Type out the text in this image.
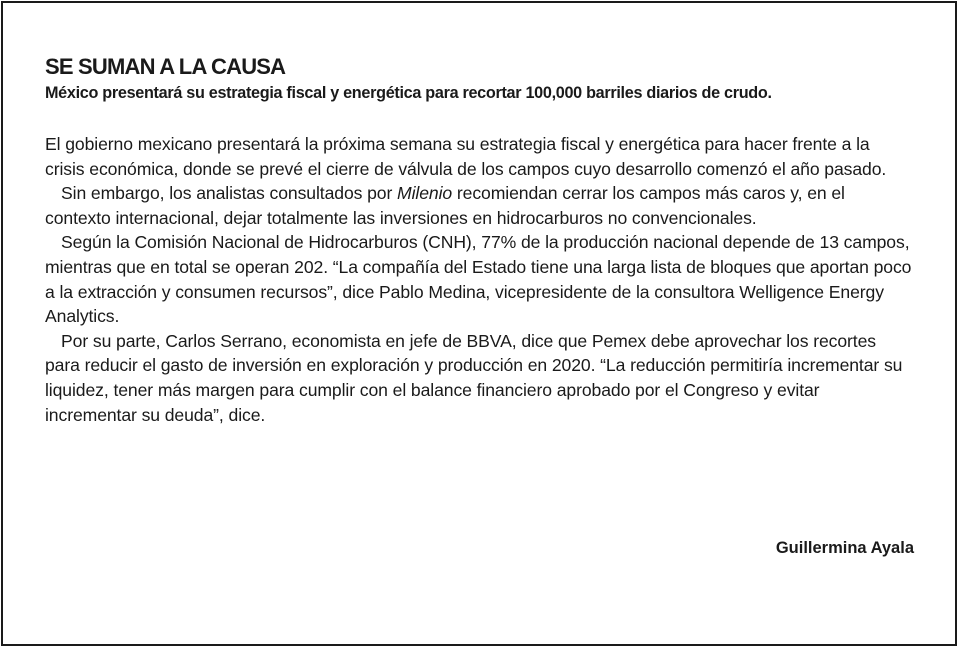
SE SUMAN A LA CAUSA
México presentará su estrategia fiscal y energética para recortar 100,000 barriles diarios de crudo.

El gobierno mexicano presentará la próxima semana su estrategia fiscal y energética para hacer frente a la crisis económica, donde se prevé el cierre de válvula de los campos cuyo desarrollo comenzó el año pasado.

Sin embargo, los analistas consultados por Milenio recomiendan cerrar los campos más caros y, en el contexto internacional, dejar totalmente las inversiones en hidrocarburos no convencionales.

Según la Comisión Nacional de Hidrocarburos (CNH), 77% de la producción nacional depende de 13 campos, mientras que en total se operan 202. “La compañía del Estado tiene una larga lista de bloques que aportan poco a la extracción y consumen recursos”, dice Pablo Medina, vicepresidente de la consultora Welligence Energy Analytics.

Por su parte, Carlos Serrano, economista en jefe de BBVA, dice que Pemex debe aprovechar los recortes para reducir el gasto de inversión en exploración y producción en 2020. “La reducción permitiría incrementar su liquidez, tener más margen para cumplir con el balance financiero aprobado por el Congreso y evitar incrementar su deuda”, dice.

Guillermina Ayala
